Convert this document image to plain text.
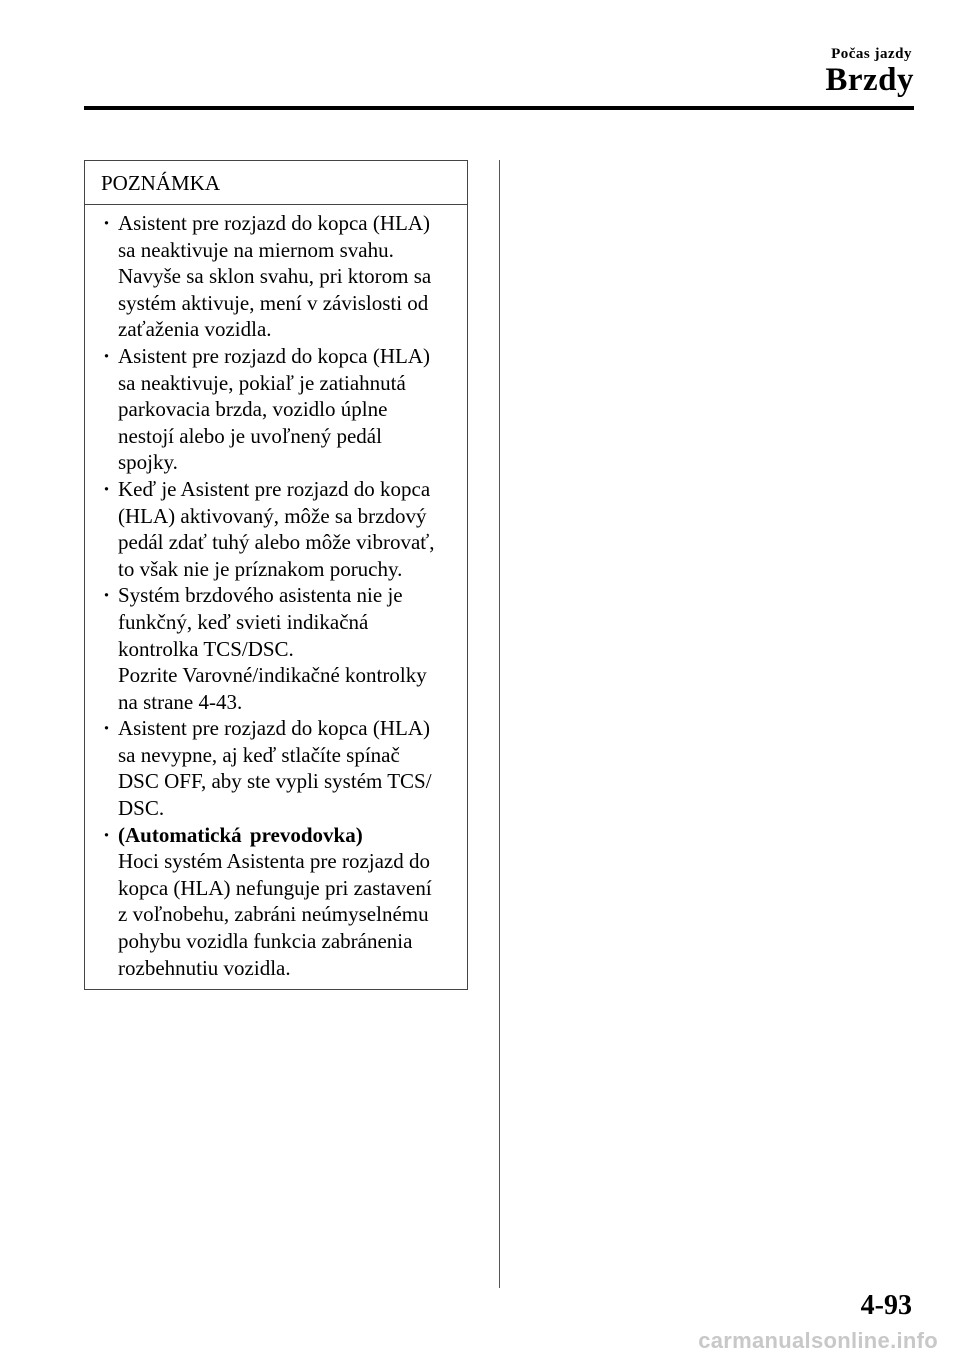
Počas jazdy
Brzdy
POZNÁMKA
· Asistent pre rozjazd do kopca (HLA)
sa neaktivuje na miernom svahu.
Navyše sa sklon svahu, pri ktorom sa
systém aktivuje, mení v závislosti od
zaťaženia vozidla.
· Asistent pre rozjazd do kopca (HLA)
sa neaktivuje, pokiaľ je zatiahnutá
parkovacia brzda, vozidlo úplne
nestojí alebo je uvoľnený pedál
spojky.
· Keď je Asistent pre rozjazd do kopca
(HLA) aktivovaný, môže sa brzdový
pedál zdať tuhý alebo môže vibrovať,
to však nie je príznakom poruchy.
· Systém brzdového asistenta nie je
funkčný, keď svieti indikačná
kontrolka TCS/DSC.
Pozrite Varovné/indikačné kontrolky
na strane 4-43.
· Asistent pre rozjazd do kopca (HLA)
sa nevypne, aj keď stlačíte spínač
DSC OFF, aby ste vypli systém TCS/
DSC.
· (Automatická prevodovka)
Hoci systém Asistenta pre rozjazd do
kopca (HLA) nefunguje pri zastavení
z voľnobehu, zabráni neúmyselnému
pohybu vozidla funkcia zabránenia
rozbehnutiu vozidla.
4-93
carmanualsonline.info
